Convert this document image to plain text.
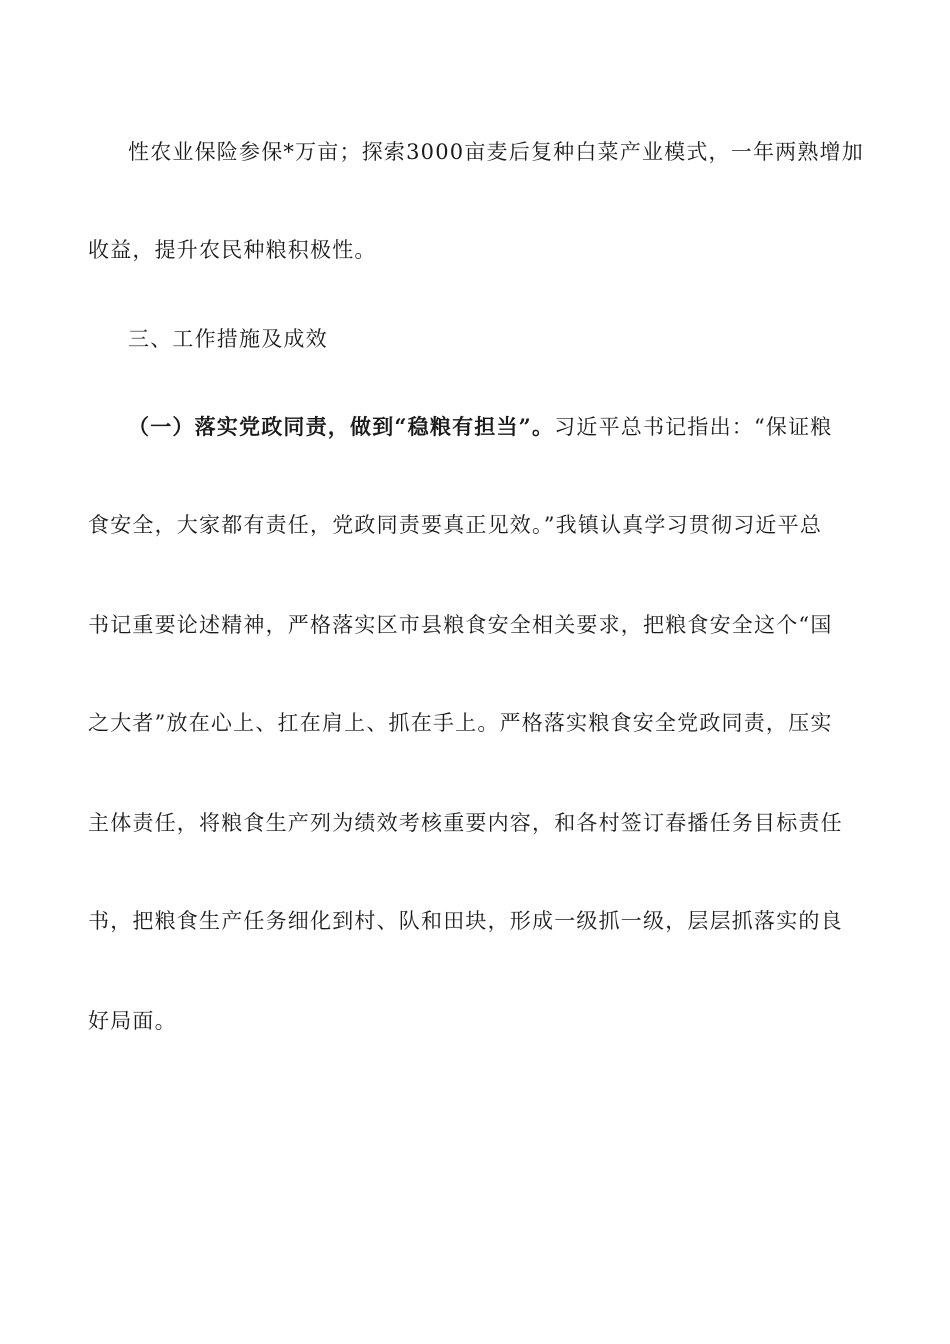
性农业保险参保*万亩；探索3000亩麦后复种白菜产业模式，一年两熟增加
收益，提升农民种粮积极性。
三、工作措施及成效
（一）落实党政同责，做到“稳粮有担当”。习近平总书记指出：“保证粮
食安全，大家都有责任，党政同责要真正见效。”我镇认真学习贯彻习近平总
书记重要论述精神，严格落实区市县粮食安全相关要求，把粮食安全这个“国
之大者”放在心上、扛在肩上、抓在手上。严格落实粮食安全党政同责，压实
主体责任，将粮食生产列为绩效考核重要内容，和各村签订春播任务目标责任
书，把粮食生产任务细化到村、队和田块，形成一级抓一级，层层抓落实的良
好局面。
